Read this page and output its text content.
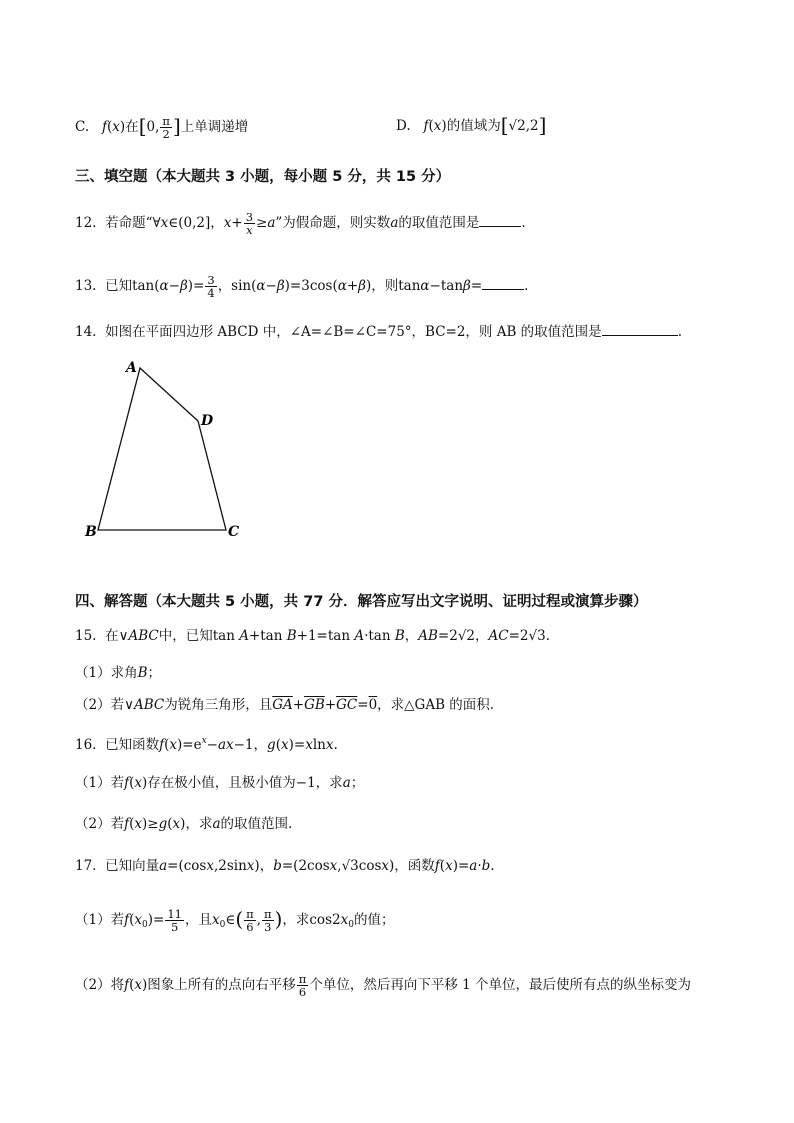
C. f(x)在[0, $\frac{\pi}{2}$ ]上单调递增	D. f(x)的值域为[√2,2]
三、填空题（本大题共 3 小题，每小题 5 分，共 15 分）
12. 若命题“∀x∈(0,2]，$x+ \frac{3}{x} \ge a$”为假命题，则实数a的取值范围是	.
13. 已知$\tan(\alpha-\beta)= \frac{3}{4}$ ，sin(α−β)=3cos(α+β)，则tanα−tanβ=	.
14. 如图在平面四边形 ABCD 中，∠A=∠B=∠C=75°，BC=2，则 AB 的取值范围是	.
A
D
B	C
四、解答题（本大题共 5 小题，共 77 分．解答应写出文字说明、证明过程或演算步骤）
15. 在∨ABC中，已知tan A+tan B+1=tan A·tan B，AB=2√2，AC=2√3.
（1）求角B；
（2）若∨ABC为锐角三角形，且$\overline{GA}+\overline{GB}+\overline{GC}=0$，求△GAB 的面积.
16. 已知函数$f(x)=e^x-ax-1$，g(x)=xlnx.
（1）若f(x)存在极小值，且极小值为−1，求a；
（2）若f(x)≥g(x)，求a的取值范围.
17. 已知向量a=(cosx,2sinx)，b=(2cosx,√3cosx)，函数f(x)=a·b.
（1）若$f(x_0)= \frac{11}{5}$ ，且$x_0\in( \frac{\pi}{6}$ , $\frac{\pi}{3}$ )，求$\cos 2x_0$的值；
（2）将f(x)图象上所有的点向右平移 $\frac{\pi}{6}$ 个单位，然后再向下平移 1 个单位，最后使所有点的纵坐标变为
